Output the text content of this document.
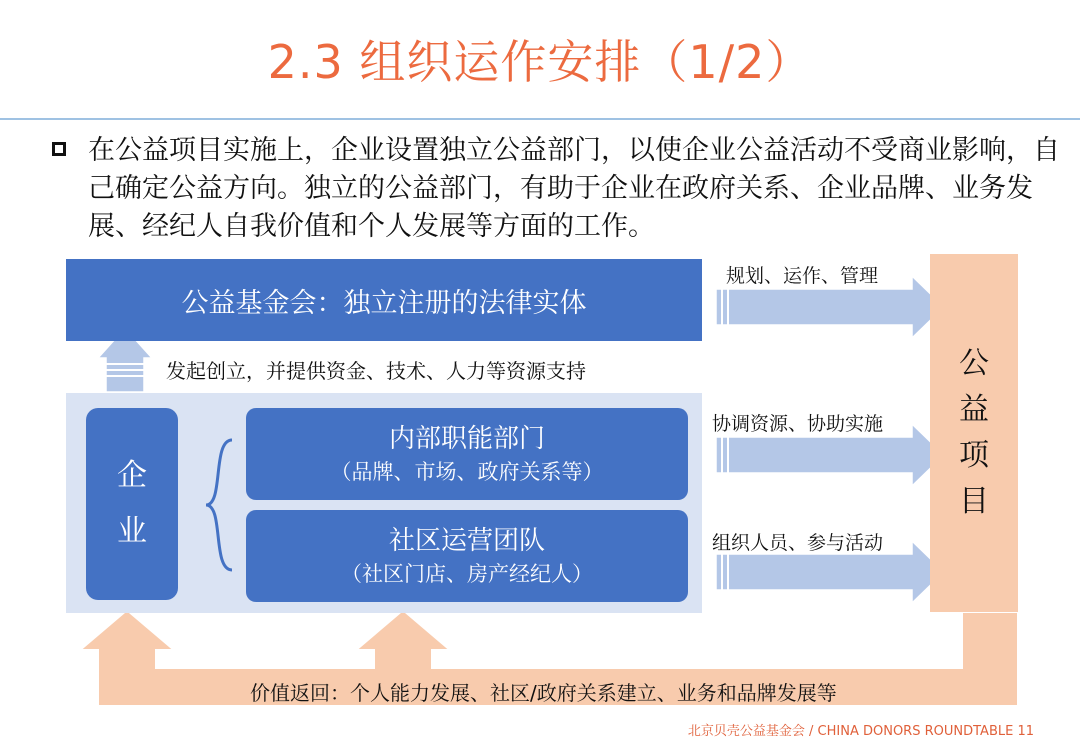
2.3 组织运作安排（1/2）
在公益项目实施上，企业设置独立公益部门，以使企业公益活动不受商业影响，自己确定公益方向。独立的公益部门，有助于企业在政府关系、企业品牌、业务发展、经纪人自我价值和个人发展等方面的工作。
公益基金会：独立注册的法律实体
企
业
内部职能部门
（品牌、市场、政府关系等）
社区运营团队
（社区门店、房产经纪人）
公
益
项
目
发起创立，并提供资金、技术、人力等资源支持
规划、运作、管理
协调资源、协助实施
组织人员、参与活动
价值返回：个人能力发展、社区/政府关系建立、业务和品牌发展等
北京贝壳公益基金会 / CHINA DONORS ROUNDTABLE 11
